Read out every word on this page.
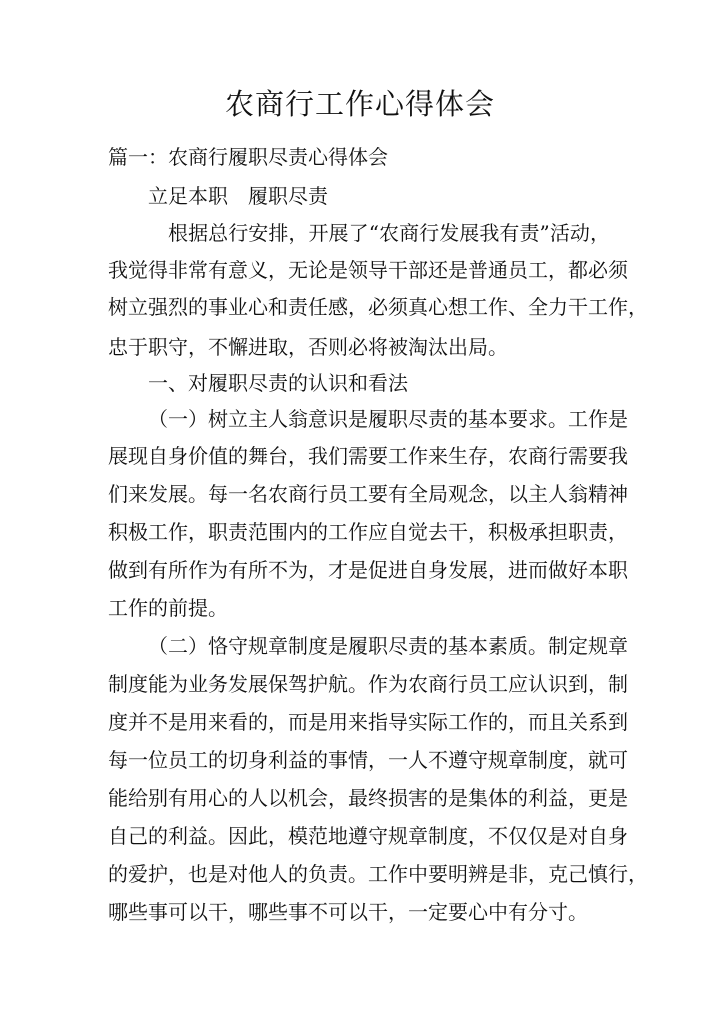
农商行工作心得体会

篇一：农商行履职尽责心得体会

立足本职　履职尽责

根据总行安排，开展了“农商行发展我有责”活动，

我觉得非常有意义，无论是领导干部还是普通员工，都必须

树立强烈的事业心和责任感，必须真心想工作、全力干工作，

忠于职守，不懈进取，否则必将被淘汰出局。

一、对履职尽责的认识和看法

（一）树立主人翁意识是履职尽责的基本要求。工作是

展现自身价值的舞台，我们需要工作来生存，农商行需要我

们来发展。每一名农商行员工要有全局观念，以主人翁精神

积极工作，职责范围内的工作应自觉去干，积极承担职责，

做到有所作为有所不为，才是促进自身发展，进而做好本职

工作的前提。

（二）恪守规章制度是履职尽责的基本素质。制定规章

制度能为业务发展保驾护航。作为农商行员工应认识到，制

度并不是用来看的，而是用来指导实际工作的，而且关系到

每一位员工的切身利益的事情，一人不遵守规章制度，就可

能给别有用心的人以机会，最终损害的是集体的利益，更是

自己的利益。因此，模范地遵守规章制度，不仅仅是对自身

的爱护，也是对他人的负责。工作中要明辨是非，克己慎行，

哪些事可以干，哪些事不可以干，一定要心中有分寸。
